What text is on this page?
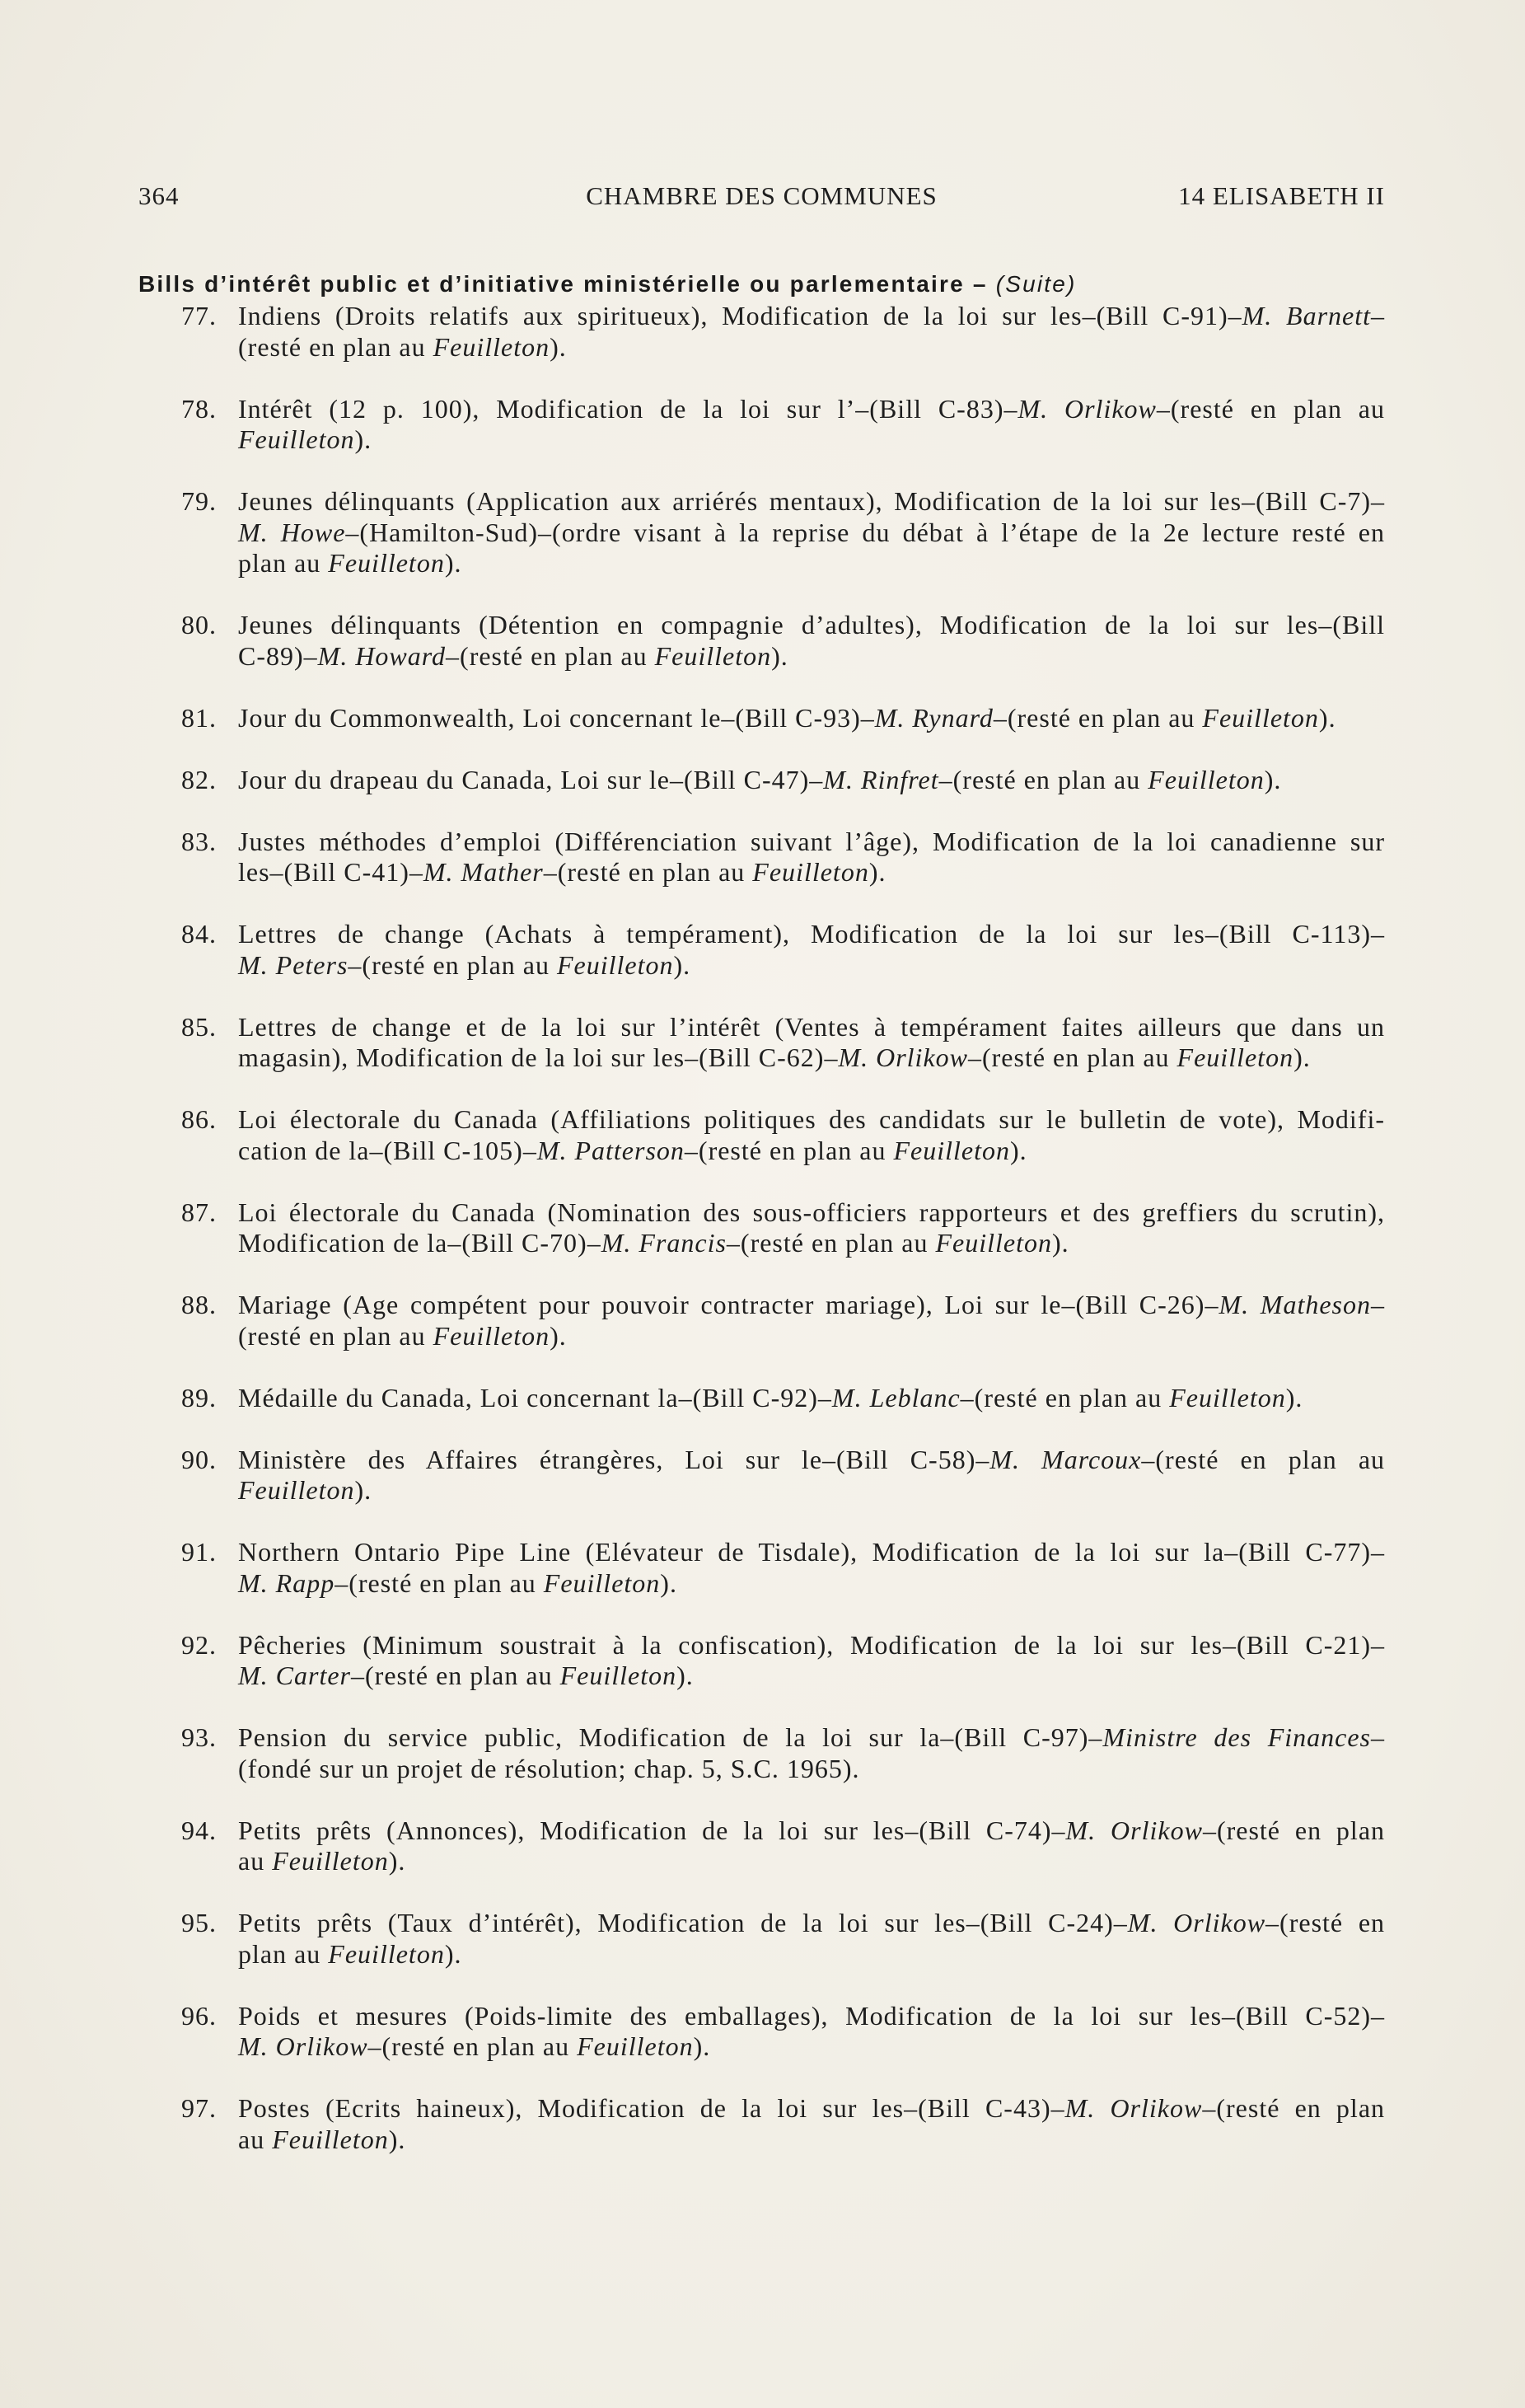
364	CHAMBRE DES COMMUNES	14 ELISABETH II
Bills d’intérêt public et d’initiative ministérielle ou parlementaire – (Suite)
77. Indiens (Droits relatifs aux spiritueux), Modification de la loi sur les–(Bill C-91)–M. Barnett–
(resté en plan au Feuilleton).
78. Intérêt (12 p. 100), Modification de la loi sur l’–(Bill C-83)–M. Orlikow–(resté en plan au
Feuilleton).
79. Jeunes délinquants (Application aux arriérés mentaux), Modification de la loi sur les–(Bill C-7)–
M. Howe–(Hamilton-Sud)–(ordre visant à la reprise du débat à l’étape de la 2e lecture resté en
plan au Feuilleton).
80. Jeunes délinquants (Détention en compagnie d’adultes), Modification de la loi sur les–(Bill
C-89)–M. Howard–(resté en plan au Feuilleton).
81. Jour du Commonwealth, Loi concernant le–(Bill C-93)–M. Rynard–(resté en plan au Feuilleton).
82. Jour du drapeau du Canada, Loi sur le–(Bill C-47)–M. Rinfret–(resté en plan au Feuilleton).
83. Justes méthodes d’emploi (Différenciation suivant l’âge), Modification de la loi canadienne sur
les–(Bill C-41)–M. Mather–(resté en plan au Feuilleton).
84. Lettres de change (Achats à tempérament), Modification de la loi sur les–(Bill C-113)–
M. Peters–(resté en plan au Feuilleton).
85. Lettres de change et de la loi sur l’intérêt (Ventes à tempérament faites ailleurs que dans un
magasin), Modification de la loi sur les–(Bill C-62)–M. Orlikow–(resté en plan au Feuilleton).
86. Loi électorale du Canada (Affiliations politiques des candidats sur le bulletin de vote), Modifi-
cation de la–(Bill C-105)–M. Patterson–(resté en plan au Feuilleton).
87. Loi électorale du Canada (Nomination des sous-officiers rapporteurs et des greffiers du scrutin),
Modification de la–(Bill C-70)–M. Francis–(resté en plan au Feuilleton).
88. Mariage (Age compétent pour pouvoir contracter mariage), Loi sur le–(Bill C-26)–M. Matheson–
(resté en plan au Feuilleton).
89. Médaille du Canada, Loi concernant la–(Bill C-92)–M. Leblanc–(resté en plan au Feuilleton).
90. Ministère des Affaires étrangères, Loi sur le–(Bill C-58)–M. Marcoux–(resté en plan au
Feuilleton).
91. Northern Ontario Pipe Line (Elévateur de Tisdale), Modification de la loi sur la–(Bill C-77)–
M. Rapp–(resté en plan au Feuilleton).
92. Pêcheries (Minimum soustrait à la confiscation), Modification de la loi sur les–(Bill C-21)–
M. Carter–(resté en plan au Feuilleton).
93. Pension du service public, Modification de la loi sur la–(Bill C-97)–Ministre des Finances–
(fondé sur un projet de résolution; chap. 5, S.C. 1965).
94. Petits prêts (Annonces), Modification de la loi sur les–(Bill C-74)–M. Orlikow–(resté en plan
au Feuilleton).
95. Petits prêts (Taux d’intérêt), Modification de la loi sur les–(Bill C-24)–M. Orlikow–(resté en
plan au Feuilleton).
96. Poids et mesures (Poids-limite des emballages), Modification de la loi sur les–(Bill C-52)–
M. Orlikow–(resté en plan au Feuilleton).
97. Postes (Ecrits haineux), Modification de la loi sur les–(Bill C-43)–M. Orlikow–(resté en plan
au Feuilleton).
